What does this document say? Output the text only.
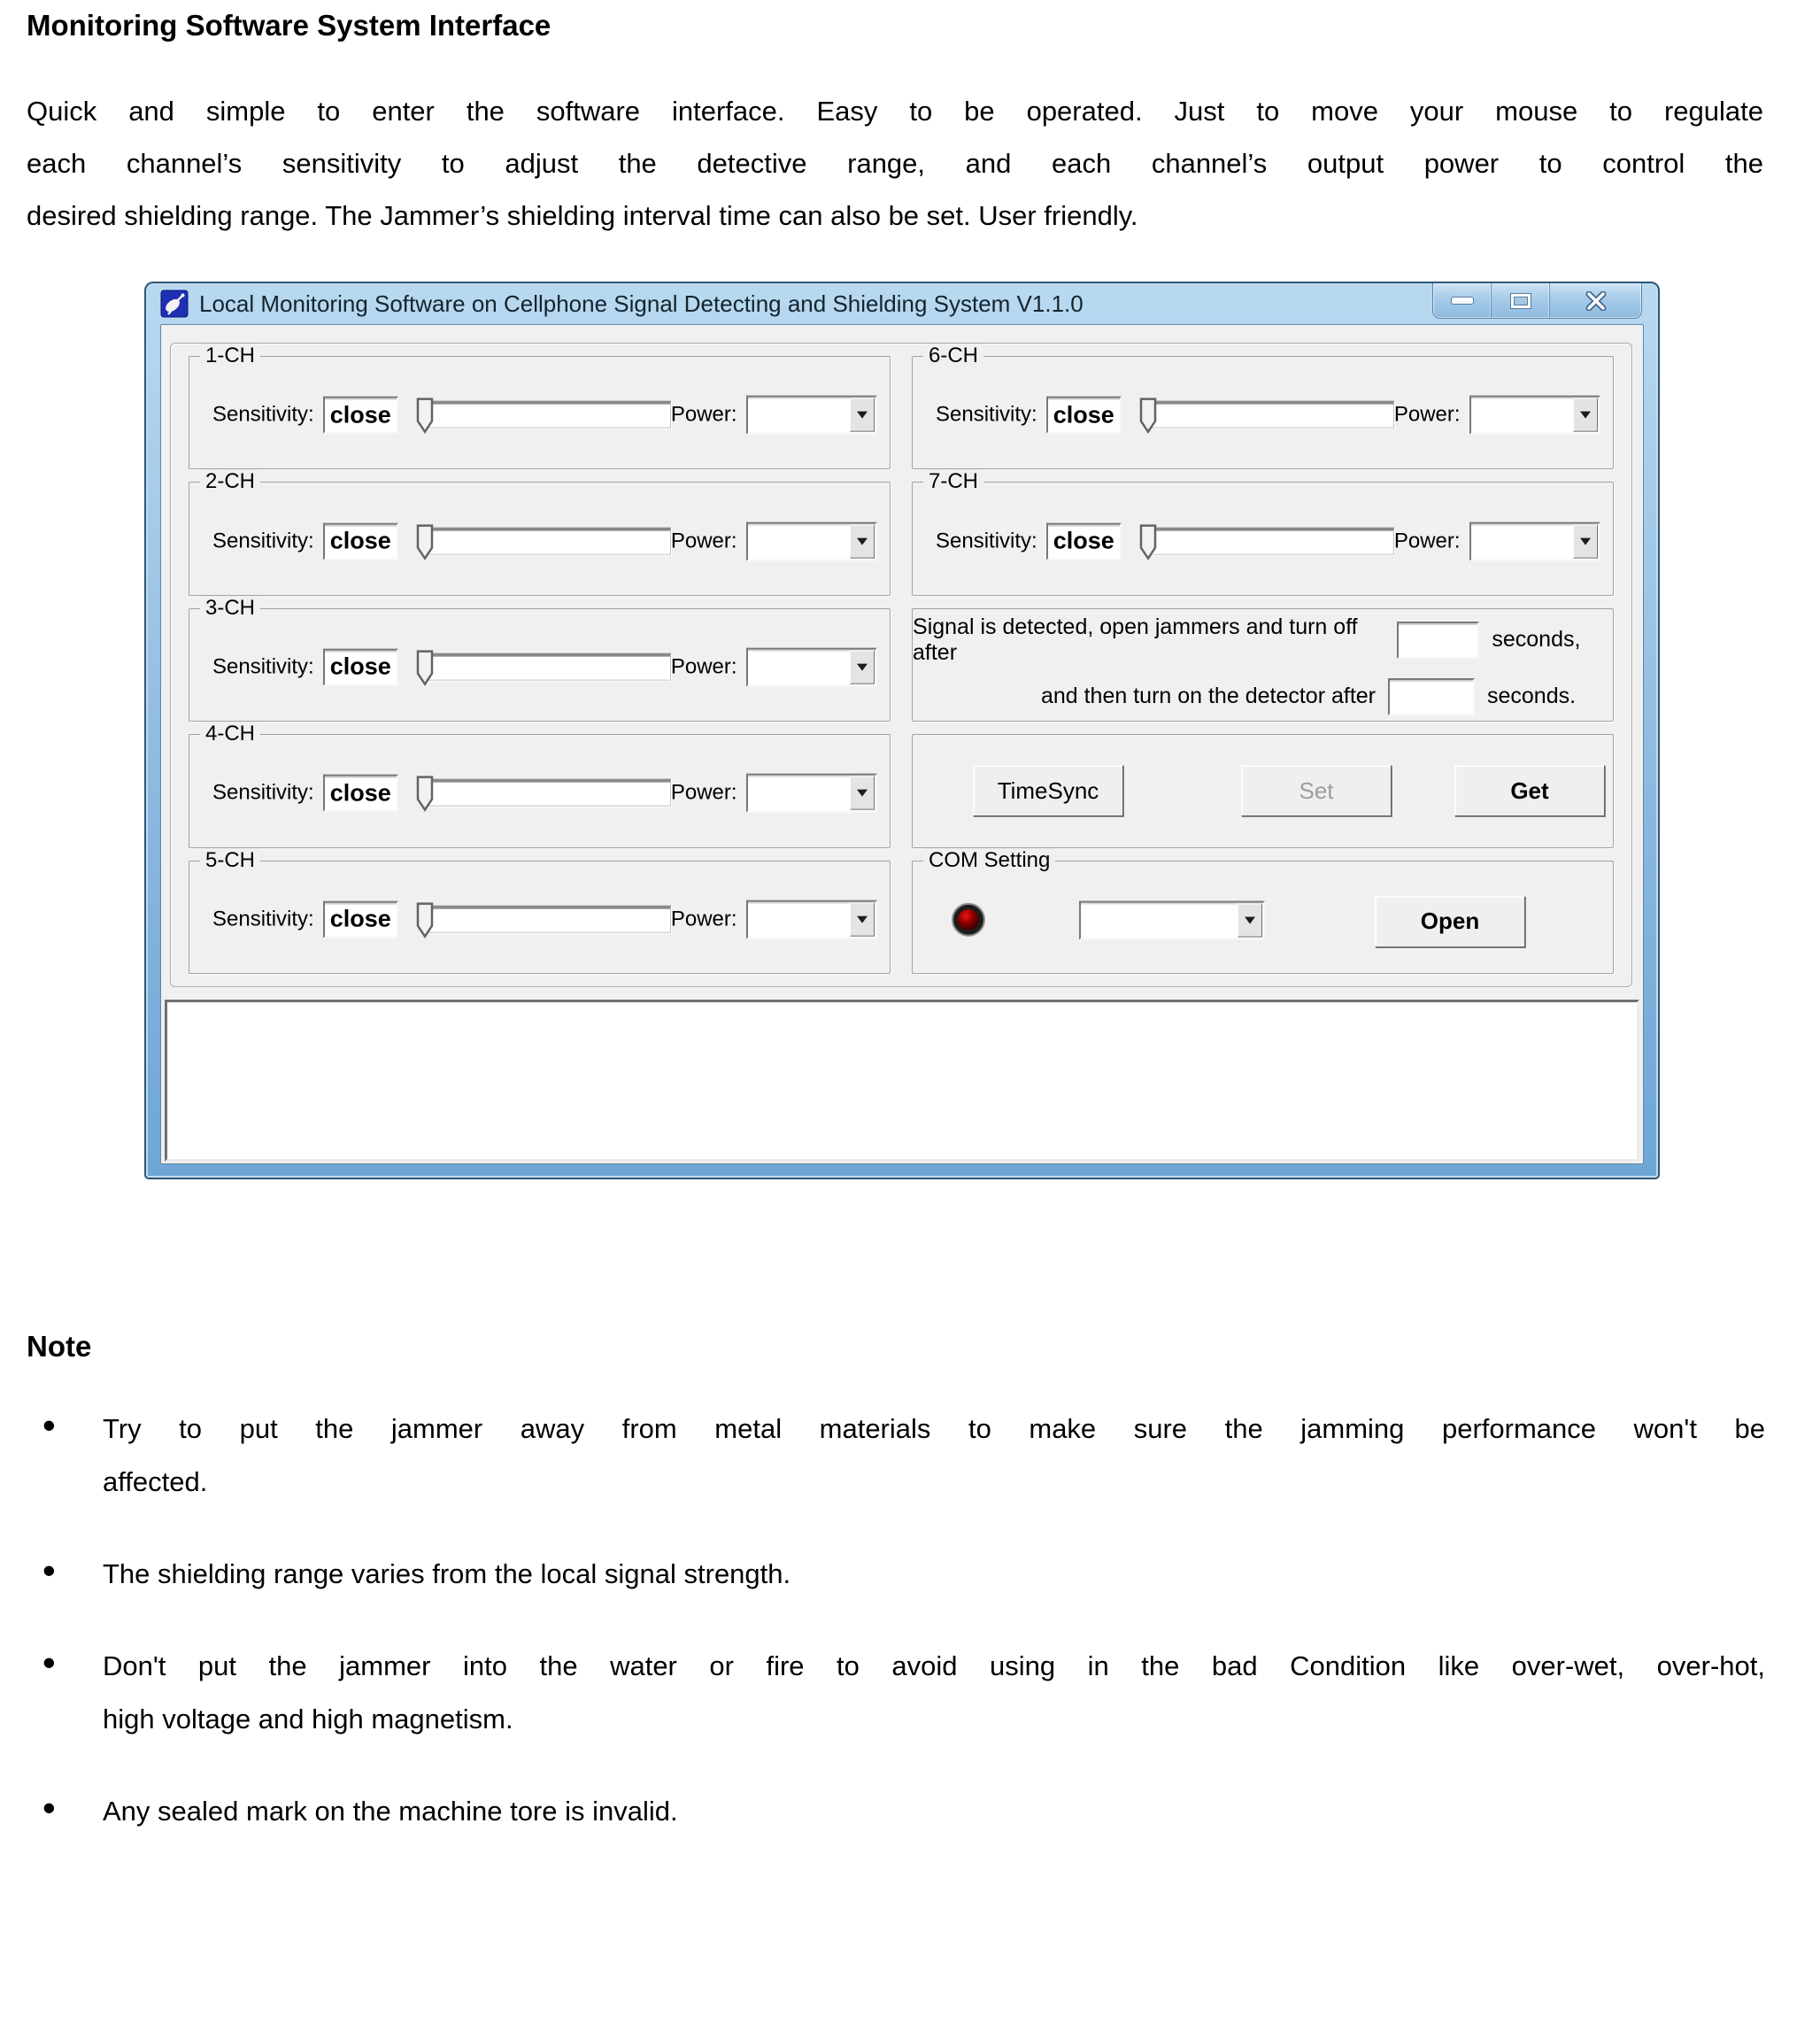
Monitoring Software System Interface
Quick and simple to enter the software interface. Easy to be operated. Just to move your mouse to regulate
each channel’s sensitivity to adjust the detective range, and each channel’s output power to control the
desired shielding range. The Jammer’s shielding interval time can also be set. User friendly.
Local Monitoring Software on Cellphone Signal Detecting and Shielding System V1.1.0
1-CH
Sensitivity: close	Power:
2-CH
Sensitivity: close	Power:
3-CH
Sensitivity: close	Power:
4-CH
Sensitivity: close	Power:
5-CH
Sensitivity: close	Power:
6-CH
Sensitivity: close	Power:
7-CH
Sensitivity: close	Power:
Signal is detected, open jammers and turn off after
seconds,
and then turn on the detector after	seconds.
TimeSync	Set	Get
COM Setting
Open
Note
• Try to put the jammer away from metal materials to make sure the jamming performance won't be
affected.
• The shielding range varies from the local signal strength.
• Don't put the jammer into the water or fire to avoid using in the bad Condition like over-wet, over-hot,
high voltage and high magnetism.
• Any sealed mark on the machine tore is invalid.
